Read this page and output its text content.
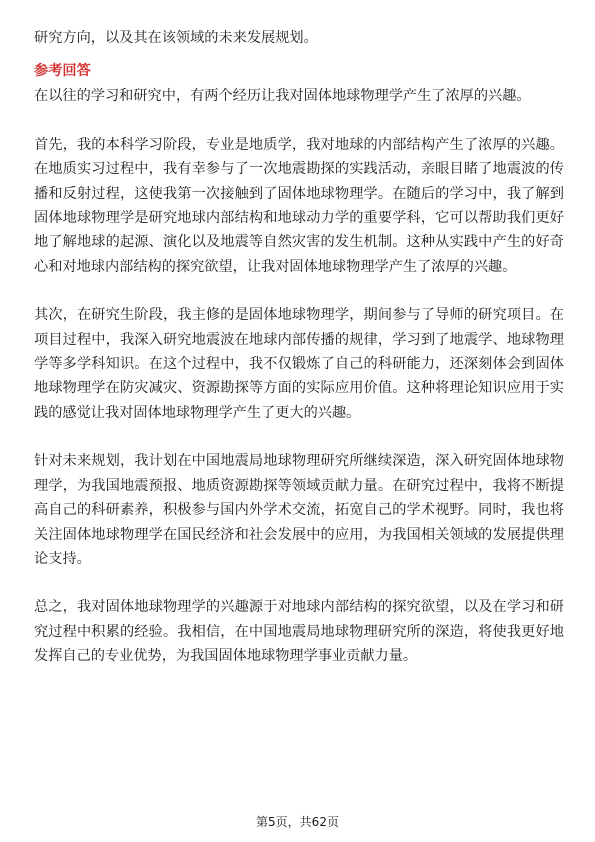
研究方向，以及其在该领域的未来发展规划。

参考回答

在以往的学习和研究中，有两个经历让我对固体地球物理学产生了浓厚的兴趣。

首先，我的本科学习阶段，专业是地质学，我对地球的内部结构产生了浓厚的兴趣。在地质实习过程中，我有幸参与了一次地震勘探的实践活动，亲眼目睹了地震波的传播和反射过程，这使我第一次接触到了固体地球物理学。在随后的学习中，我了解到固体地球物理学是研究地球内部结构和地球动力学的重要学科，它可以帮助我们更好地了解地球的起源、演化以及地震等自然灾害的发生机制。这种从实践中产生的好奇心和对地球内部结构的探究欲望，让我对固体地球物理学产生了浓厚的兴趣。

其次，在研究生阶段，我主修的是固体地球物理学，期间参与了导师的研究项目。在项目过程中，我深入研究地震波在地球内部传播的规律，学习到了地震学、地球物理学等多学科知识。在这个过程中，我不仅锻炼了自己的科研能力，还深刻体会到固体地球物理学在防灾减灾、资源勘探等方面的实际应用价值。这种将理论知识应用于实践的感觉让我对固体地球物理学产生了更大的兴趣。

针对未来规划，我计划在中国地震局地球物理研究所继续深造，深入研究固体地球物理学，为我国地震预报、地质资源勘探等领域贡献力量。在研究过程中，我将不断提高自己的科研素养，积极参与国内外学术交流，拓宽自己的学术视野。同时，我也将关注固体地球物理学在国民经济和社会发展中的应用，为我国相关领域的发展提供理论支持。

总之，我对固体地球物理学的兴趣源于对地球内部结构的探究欲望，以及在学习和研究过程中积累的经验。我相信，在中国地震局地球物理研究所的深造，将使我更好地发挥自己的专业优势，为我国固体地球物理学事业贡献力量。

第5页，共62页
